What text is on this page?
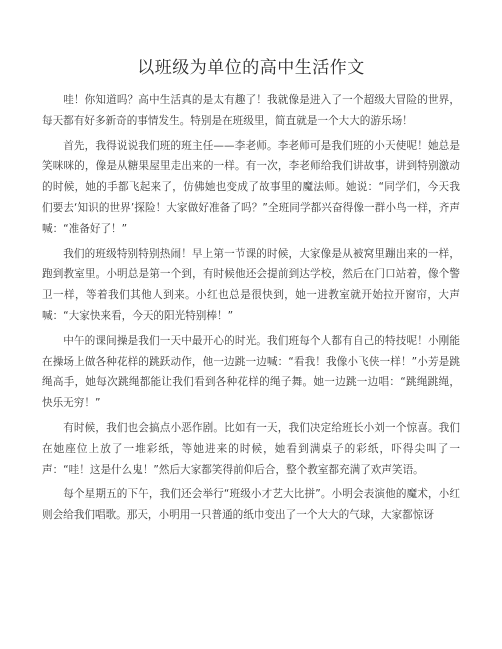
以班级为单位的高中生活作文

哇！你知道吗？高中生活真的是太有趣了！我就像是进入了一个超级大冒险的世界，每天都有好多新奇的事情发生。特别是在班级里，简直就是一个大大的游乐场！

首先，我得说说我们班的班主任——李老师。李老师可是我们班的小天使呢！她总是笑咪咪的，像是从糖果屋里走出来的一样。有一次，李老师给我们讲故事，讲到特别激动的时候，她的手都飞起来了，仿佛她也变成了故事里的魔法师。她说：“同学们，今天我们要去‘知识的世界’探险！大家做好准备了吗？”全班同学都兴奋得像一群小鸟一样，齐声喊：“准备好了！”

我们的班级特别特别热闹！早上第一节课的时候，大家像是从被窝里蹦出来的一样，跑到教室里。小明总是第一个到，有时候他还会提前到达学校，然后在门口站着，像个警卫一样，等着我们其他人到来。小红也总是很快到，她一进教室就开始拉开窗帘，大声喊：“大家快来看，今天的阳光特别棒！”

中午的课间操是我们一天中最开心的时光。我们班每个人都有自己的特技呢！小刚能在操场上做各种花样的跳跃动作，他一边跳一边喊：“看我！我像小飞侠一样！”小芳是跳绳高手，她每次跳绳都能让我们看到各种花样的绳子舞。她一边跳一边唱：“跳绳跳绳，快乐无穷！”

有时候，我们也会搞点小恶作剧。比如有一天，我们决定给班长小刘一个惊喜。我们在她座位上放了一堆彩纸，等她进来的时候，她看到满桌子的彩纸，吓得尖叫了一声：“哇！这是什么鬼！”然后大家都笑得前仰后合，整个教室都充满了欢声笑语。

每个星期五的下午，我们还会举行“班级小才艺大比拼”。小明会表演他的魔术，小红则会给我们唱歌。那天，小明用一只普通的纸巾变出了一个大大的气球，大家都惊讶
